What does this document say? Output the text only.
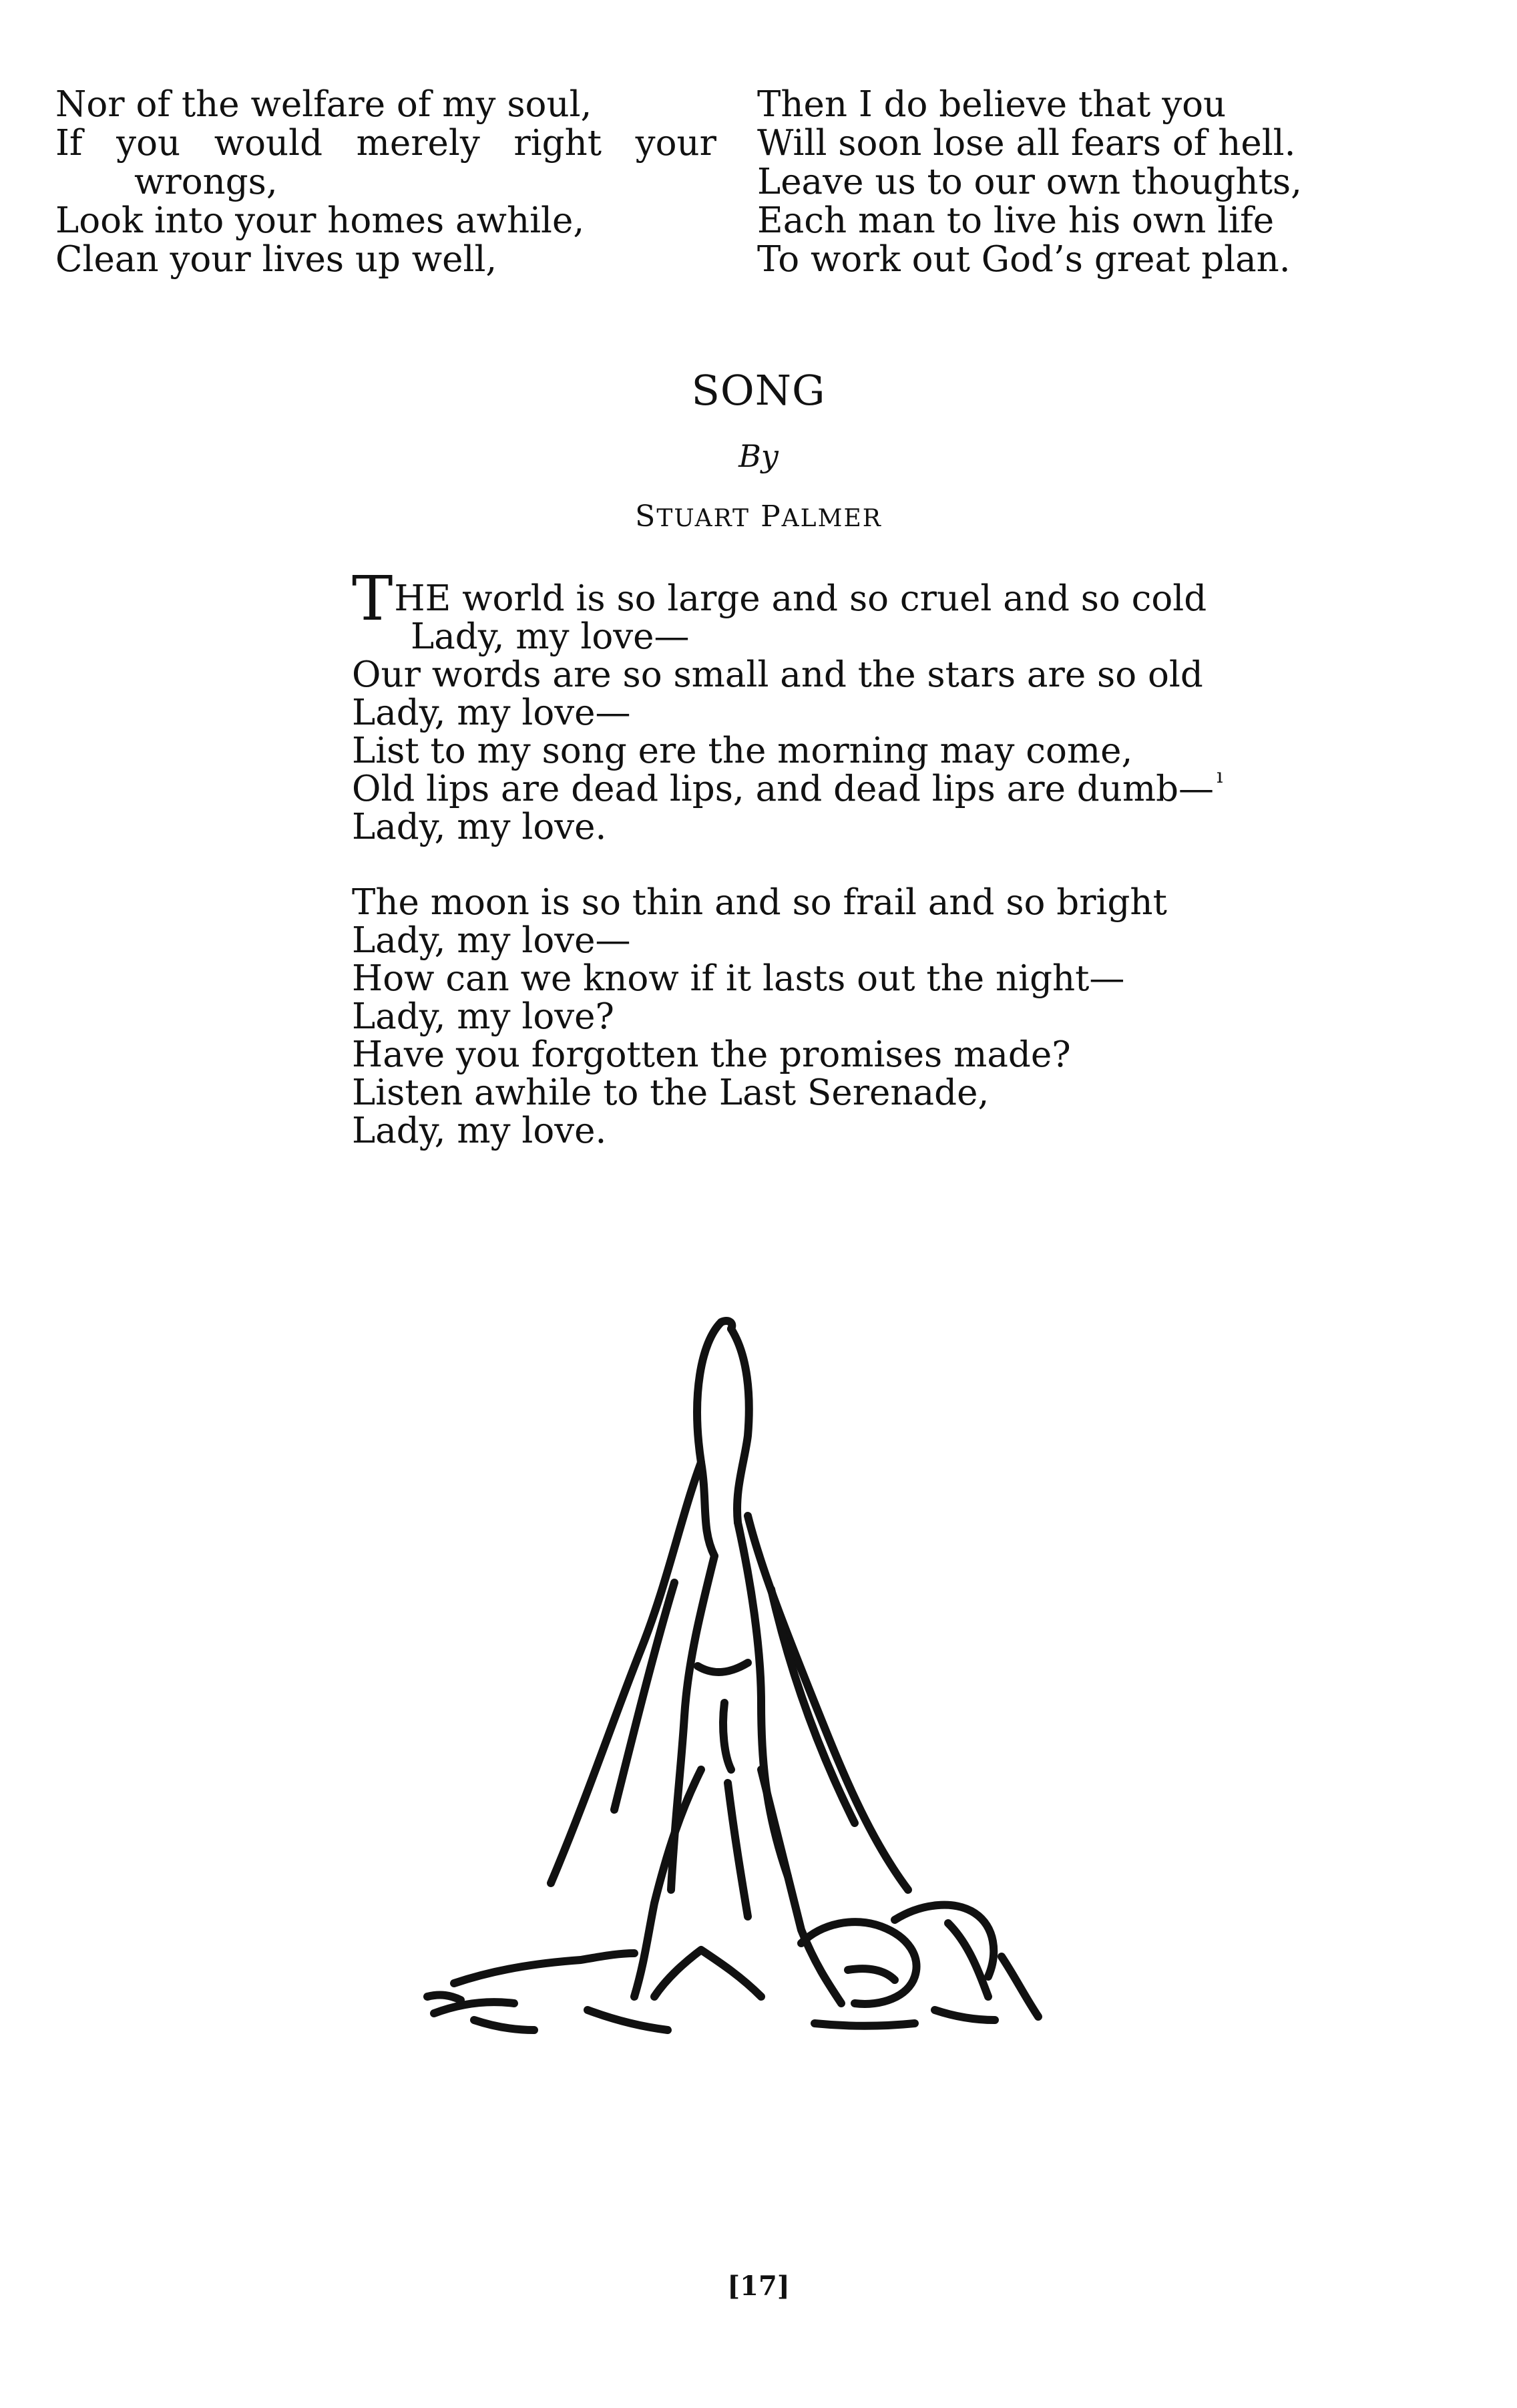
Nor of the welfare of my soul,
If you would merely right your
wrongs,
Look into your homes awhile,
Clean your lives up well,
Then I do believe that you
Will soon lose all fears of hell.
Leave us to our own thoughts,
Each man to live his own life
To work out God’s great plan.
SONG
By
STUART PALMER
THE world is so large and so cruel and so cold
Lady, my love—
Our words are so small and the stars are so old
Lady, my love—
List to my song ere the morning may come,
Old lips are dead lips, and dead lips are dumb—
Lady, my love.
The moon is so thin and so frail and so bright
Lady, my love—
How can we know if it lasts out the night—
Lady, my love?
Have you forgotten the promises made?
Listen awhile to the Last Serenade,
Lady, my love.
ı
[17]
